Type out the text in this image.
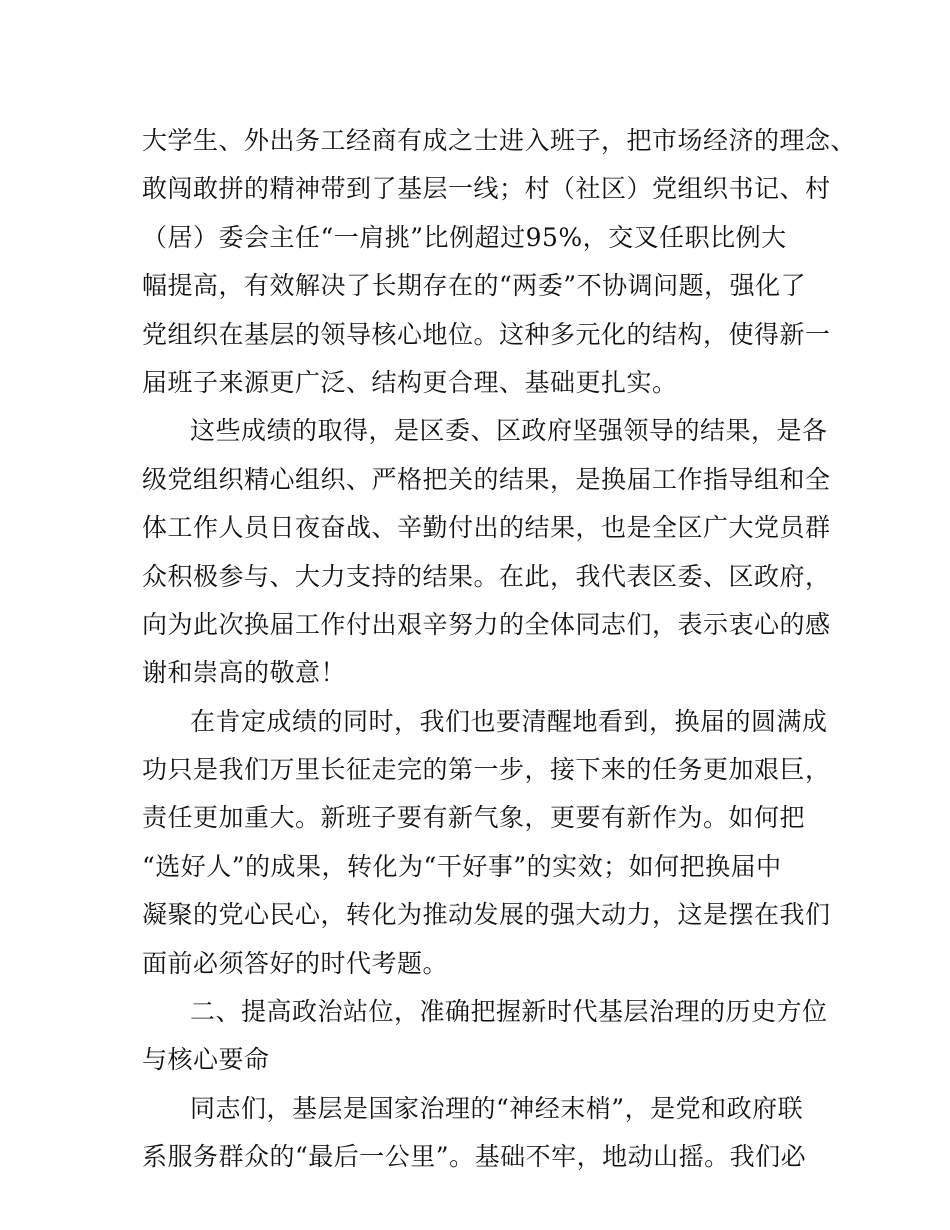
大学生、外出务工经商有成之士进入班子，把市场经济的理念、
敢闯敢拼的精神带到了基层一线；村（社区）党组织书记、村
（居）委会主任“一肩挑”比例超过95%，交叉任职比例大
幅提高，有效解决了长期存在的“两委”不协调问题，强化了
党组织在基层的领导核心地位。这种多元化的结构，使得新一
届班子来源更广泛、结构更合理、基础更扎实。
这些成绩的取得，是区委、区政府坚强领导的结果，是各
级党组织精心组织、严格把关的结果，是换届工作指导组和全
体工作人员日夜奋战、辛勤付出的结果，也是全区广大党员群
众积极参与、大力支持的结果。在此，我代表区委、区政府，
向为此次换届工作付出艰辛努力的全体同志们，表示衷心的感
谢和崇高的敬意！
在肯定成绩的同时，我们也要清醒地看到，换届的圆满成
功只是我们万里长征走完的第一步，接下来的任务更加艰巨，
责任更加重大。新班子要有新气象，更要有新作为。如何把
“选好人”的成果，转化为“干好事”的实效；如何把换届中
凝聚的党心民心，转化为推动发展的强大动力，这是摆在我们
面前必须答好的时代考题。
二、提高政治站位，准确把握新时代基层治理的历史方位
与核心要命
同志们，基层是国家治理的“神经末梢”，是党和政府联
系服务群众的“最后一公里”。基础不牢，地动山摇。我们必
